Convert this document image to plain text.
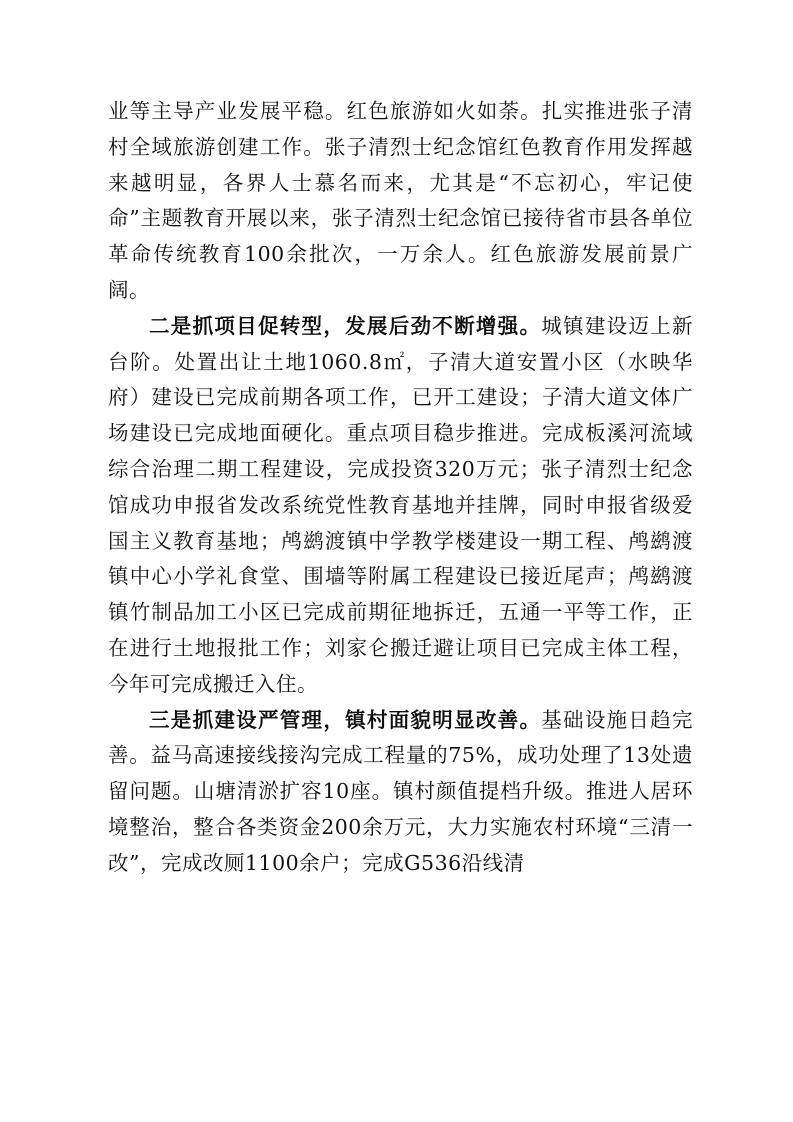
业等主导产业发展平稳。红色旅游如火如荼。扎实推进张子清村全域旅游创建工作。张子清烈士纪念馆红色教育作用发挥越来越明显，各界人士慕名而来，尤其是“不忘初心，牢记使命”主题教育开展以来，张子清烈士纪念馆已接待省市县各单位革命传统教育100余批次，一万余人。红色旅游发展前景广阔。

二是抓项目促转型，发展后劲不断增强。城镇建设迈上新台阶。处置出让土地1060.8㎡，子清大道安置小区（水映华府）建设已完成前期各项工作，已开工建设；子清大道文体广场建设已完成地面硬化。重点项目稳步推进。完成板溪河流域综合治理二期工程建设，完成投资320万元；张子清烈士纪念馆成功申报省发改系统党性教育基地并挂牌，同时申报省级爱国主义教育基地；鸬鹚渡镇中学教学楼建设一期工程、鸬鹚渡镇中心小学礼食堂、围墙等附属工程建设已接近尾声；鸬鹚渡镇竹制品加工小区已完成前期征地拆迁，五通一平等工作，正在进行土地报批工作；刘家仑搬迁避让项目已完成主体工程，今年可完成搬迁入住。

三是抓建设严管理，镇村面貌明显改善。基础设施日趋完善。益马高速接线接沟完成工程量的75%，成功处理了13处遗留问题。山塘清淤扩容10座。镇村颜值提档升级。推进人居环境整治，整合各类资金200余万元，大力实施农村环境“三清一改”，完成改厕1100余户；完成G536沿线清
